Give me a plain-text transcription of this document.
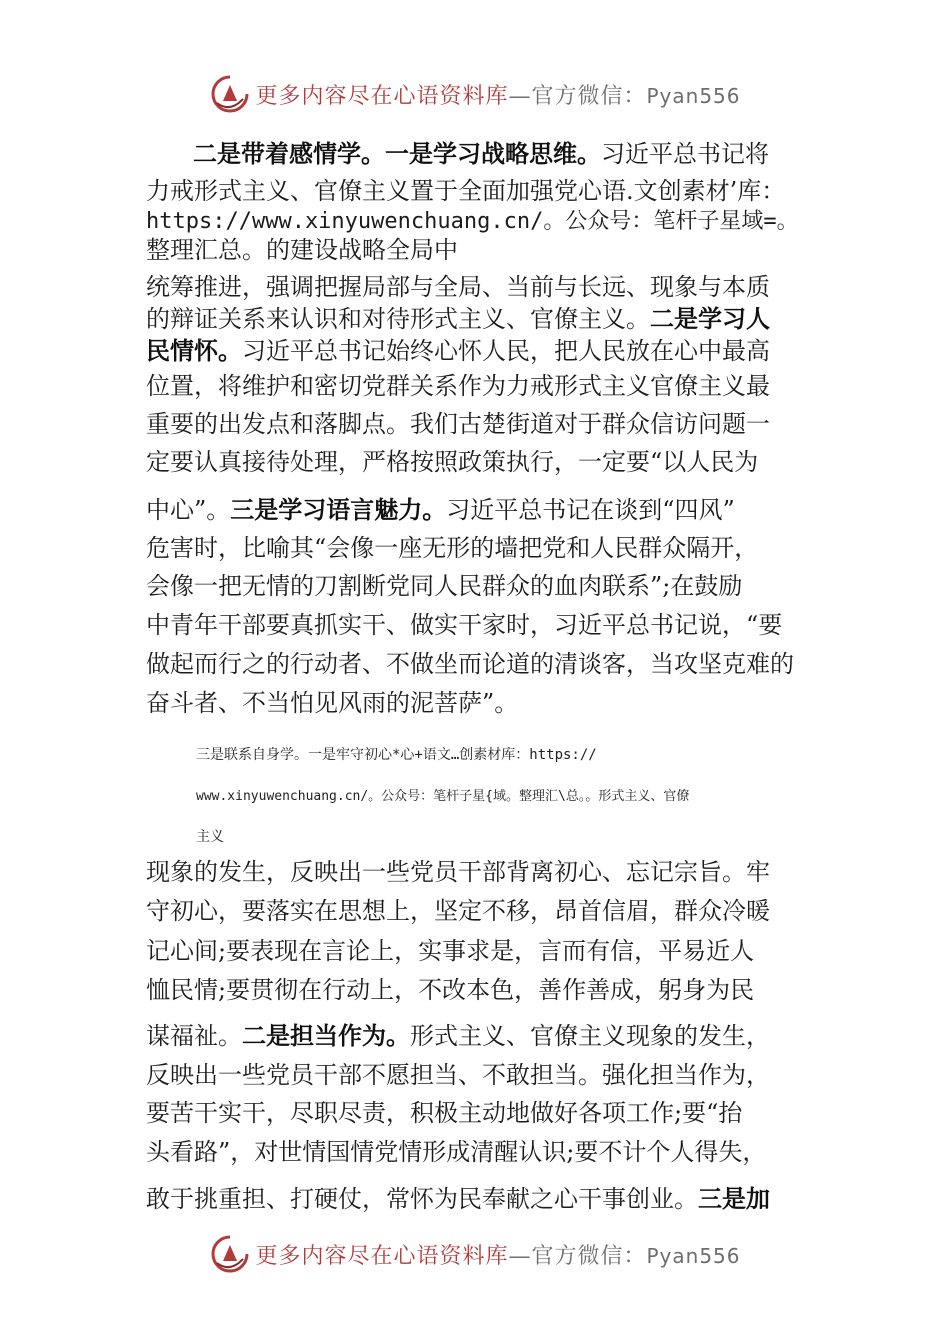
更多内容尽在心语资料库—官方微信：Pyan556
二是带着感情学。一是学习战略思维。习近平总书记将
力戒形式主义、官僚主义置于全面加强党心语.文创素材’库：
https://www.xinyuwenchuang.cn/。公众号：笔杆子星域=。
整理汇总。的建设战略全局中
统筹推进，强调把握局部与全局、当前与长远、现象与本质
的辩证关系来认识和对待形式主义、官僚主义。二是学习人
民情怀。习近平总书记始终心怀人民，把人民放在心中最高
位置，将维护和密切党群关系作为力戒形式主义官僚主义最
重要的出发点和落脚点。我们古楚街道对于群众信访问题一
定要认真接待处理，严格按照政策执行，一定要“以人民为
中心”。三是学习语言魅力。习近平总书记在谈到“四风”
危害时，比喻其“会像一座无形的墙把党和人民群众隔开，
会像一把无情的刀割断党同人民群众的血肉联系”;在鼓励
中青年干部要真抓实干、做实干家时，习近平总书记说，“要
做起而行之的行动者、不做坐而论道的清谈客，当攻坚克难的
奋斗者、不当怕见风雨的泥菩萨”。
三是联系自身学。一是牢守初心*心+语文…创素材库：https://
www.xinyuwenchuang.cn/。公众号：笔杆子星{域。整理汇\总。。形式主义、官僚
主义
现象的发生，反映出一些党员干部背离初心、忘记宗旨。牢
守初心，要落实在思想上，坚定不移，昂首信眉，群众冷暖
记心间;要表现在言论上，实事求是，言而有信，平易近人
恤民情;要贯彻在行动上，不改本色，善作善成，躬身为民
谋福祉。二是担当作为。形式主义、官僚主义现象的发生，
反映出一些党员干部不愿担当、不敢担当。强化担当作为，
要苦干实干，尽职尽责，积极主动地做好各项工作;要“抬
头看路”，对世情国情党情形成清醒认识;要不计个人得失，
敢于挑重担、打硬仗，常怀为民奉献之心干事创业。三是加
更多内容尽在心语资料库—官方微信：Pyan556
